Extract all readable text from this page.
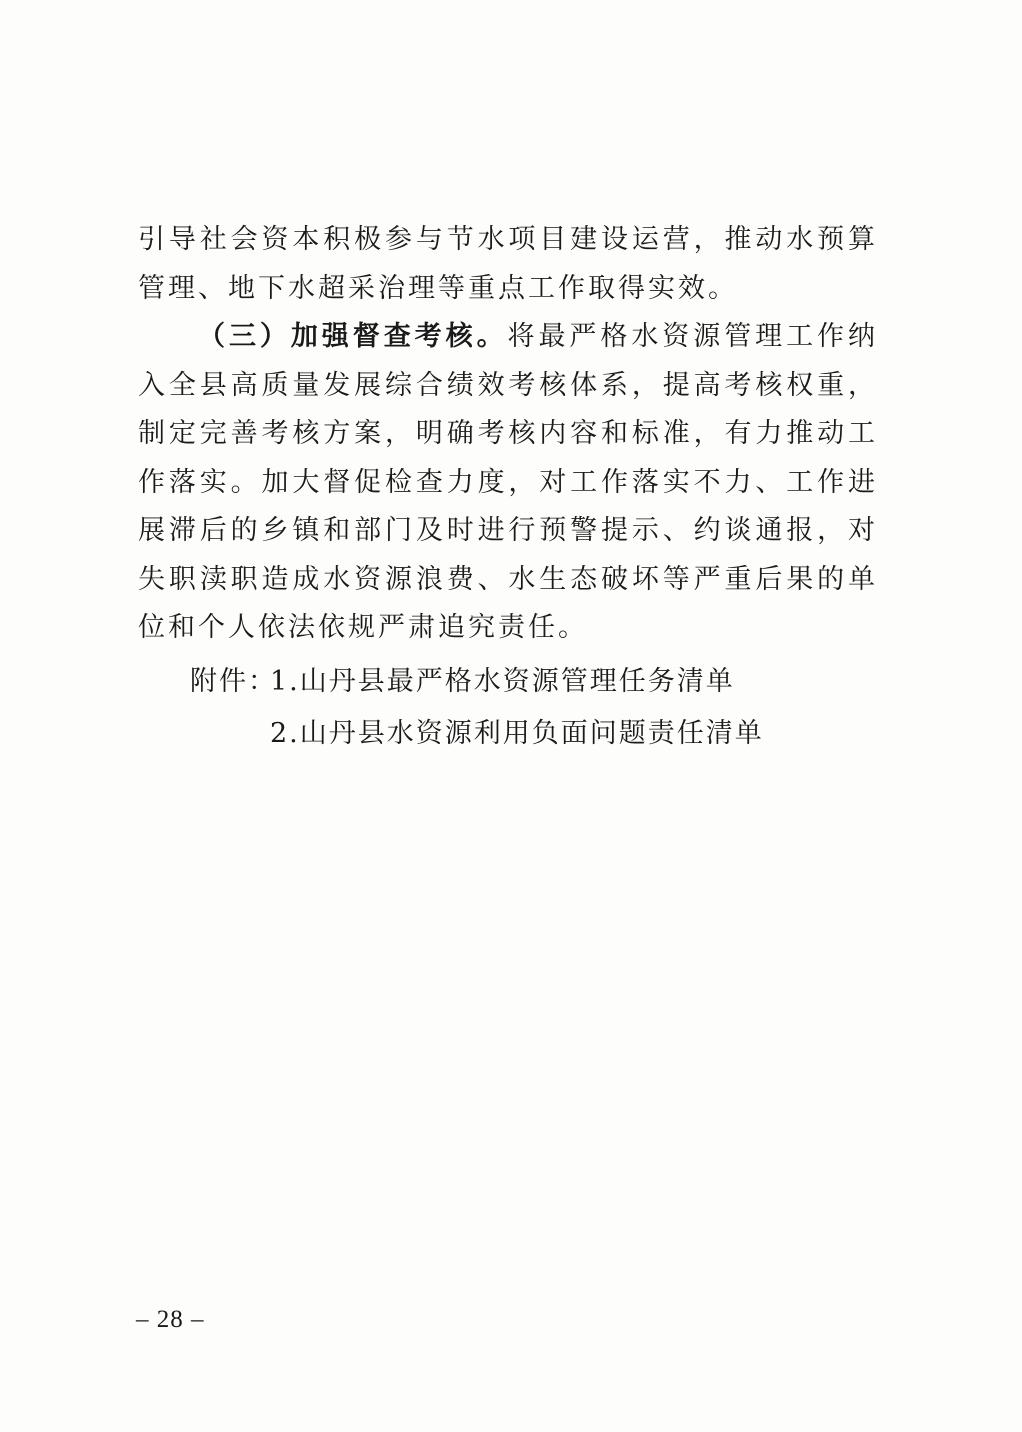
引导社会资本积极参与节水项目建设运营，推动水预算管理、地下水超采治理等重点工作取得实效。

（三）加强督查考核。将最严格水资源管理工作纳入全县高质量发展综合绩效考核体系，提高考核权重，制定完善考核方案，明确考核内容和标准，有力推动工作落实。加大督促检查力度，对工作落实不力、工作进展滞后的乡镇和部门及时进行预警提示、约谈通报，对失职渎职造成水资源浪费、水生态破坏等严重后果的单位和个人依法依规严肃追究责任。

附件：
1.山丹县最严格水资源管理任务清单
2.山丹县水资源利用负面问题责任清单
– 28 –
